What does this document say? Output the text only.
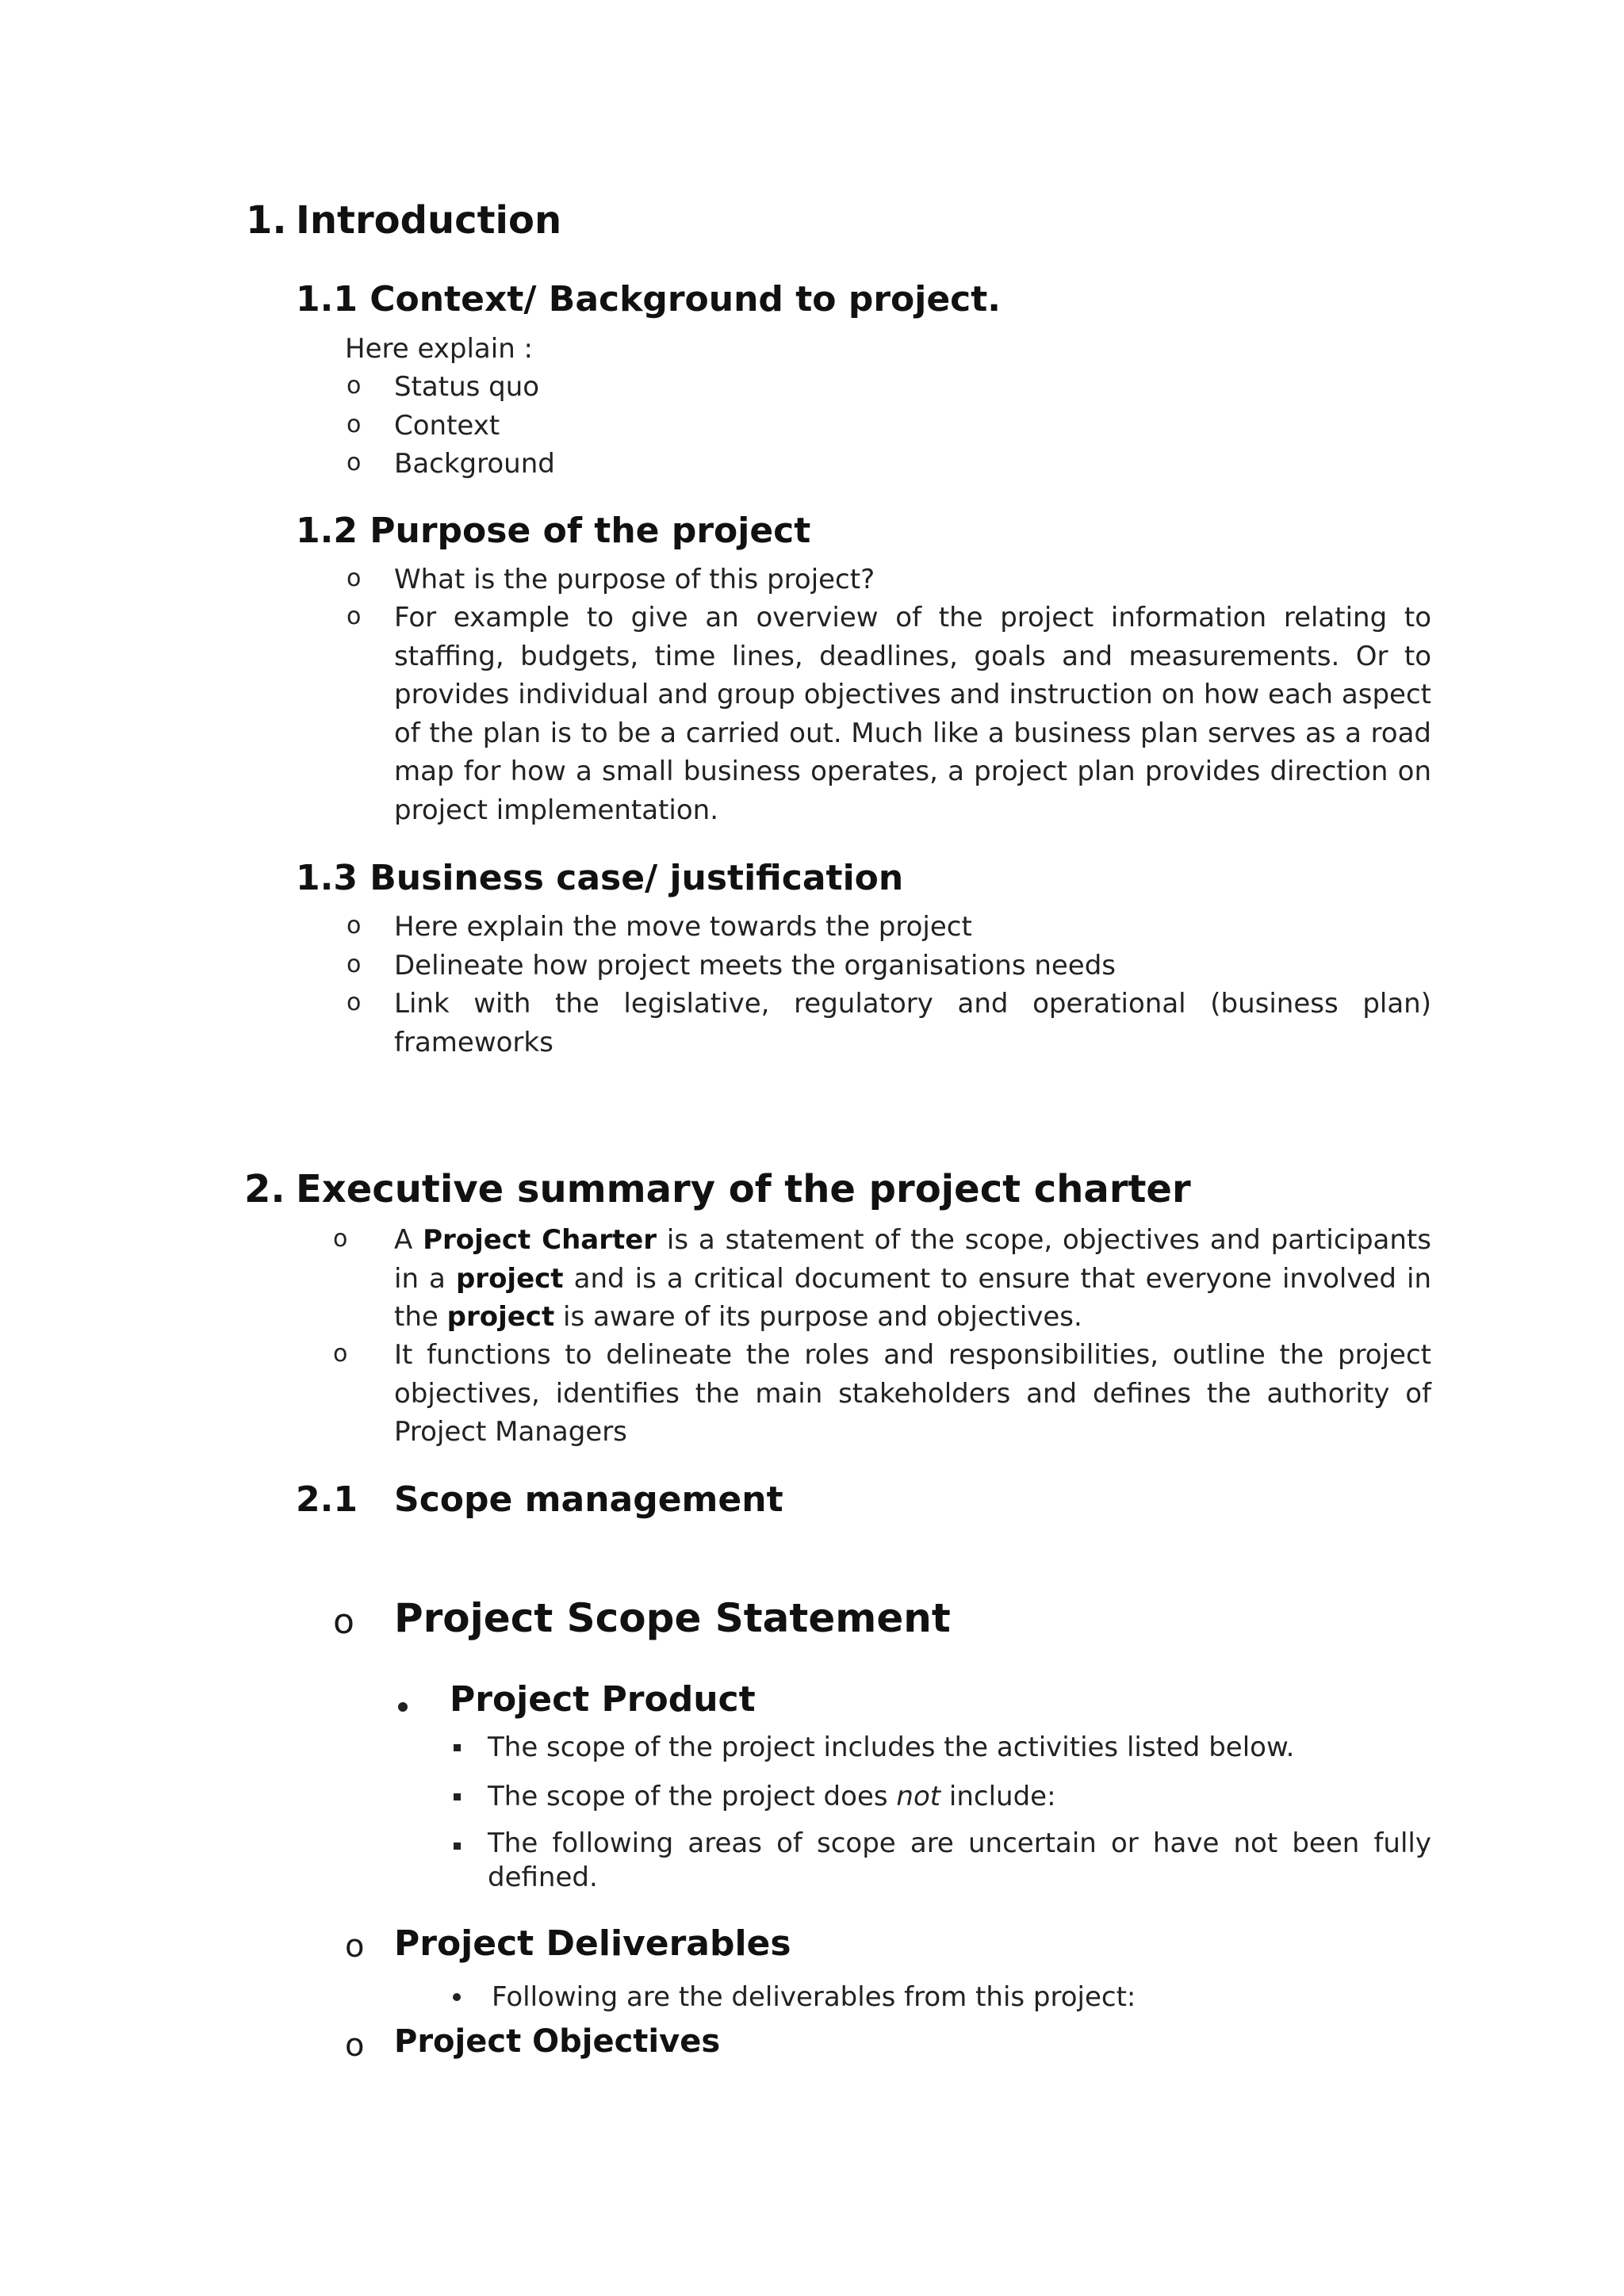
1. Introduction
1.1 Context/ Background to project.
Here explain :
o Status quo
o Context
o Background
1.2 Purpose of the project
o What is the purpose of this project?
o For example to give an overview of the project information relating to staffing, budgets, time lines, deadlines, goals and measurements. Or to provides individual and group objectives and instruction on how each aspect of the plan is to be a carried out. Much like a business plan serves as a road map for how a small business operates, a project plan provides direction on project implementation.
1.3 Business case/ justification
o Here explain the move towards the project
o Delineate how project meets the organisations needs
o Link with the legislative, regulatory and operational (business plan) frameworks
2. Executive summary of the project charter
o A Project Charter is a statement of the scope, objectives and participants in a project and is a critical document to ensure that everyone involved in the project is aware of its purpose and objectives.
o It functions to delineate the roles and responsibilities, outline the project objectives, identifies the main stakeholders and defines the authority of Project Managers
2.1 Scope management
o Project Scope Statement
Project Product
The scope of the project includes the activities listed below.
The scope of the project does not include:
The following areas of scope are uncertain or have not been fully defined.
o Project Deliverables
Following are the deliverables from this project:
o Project Objectives
